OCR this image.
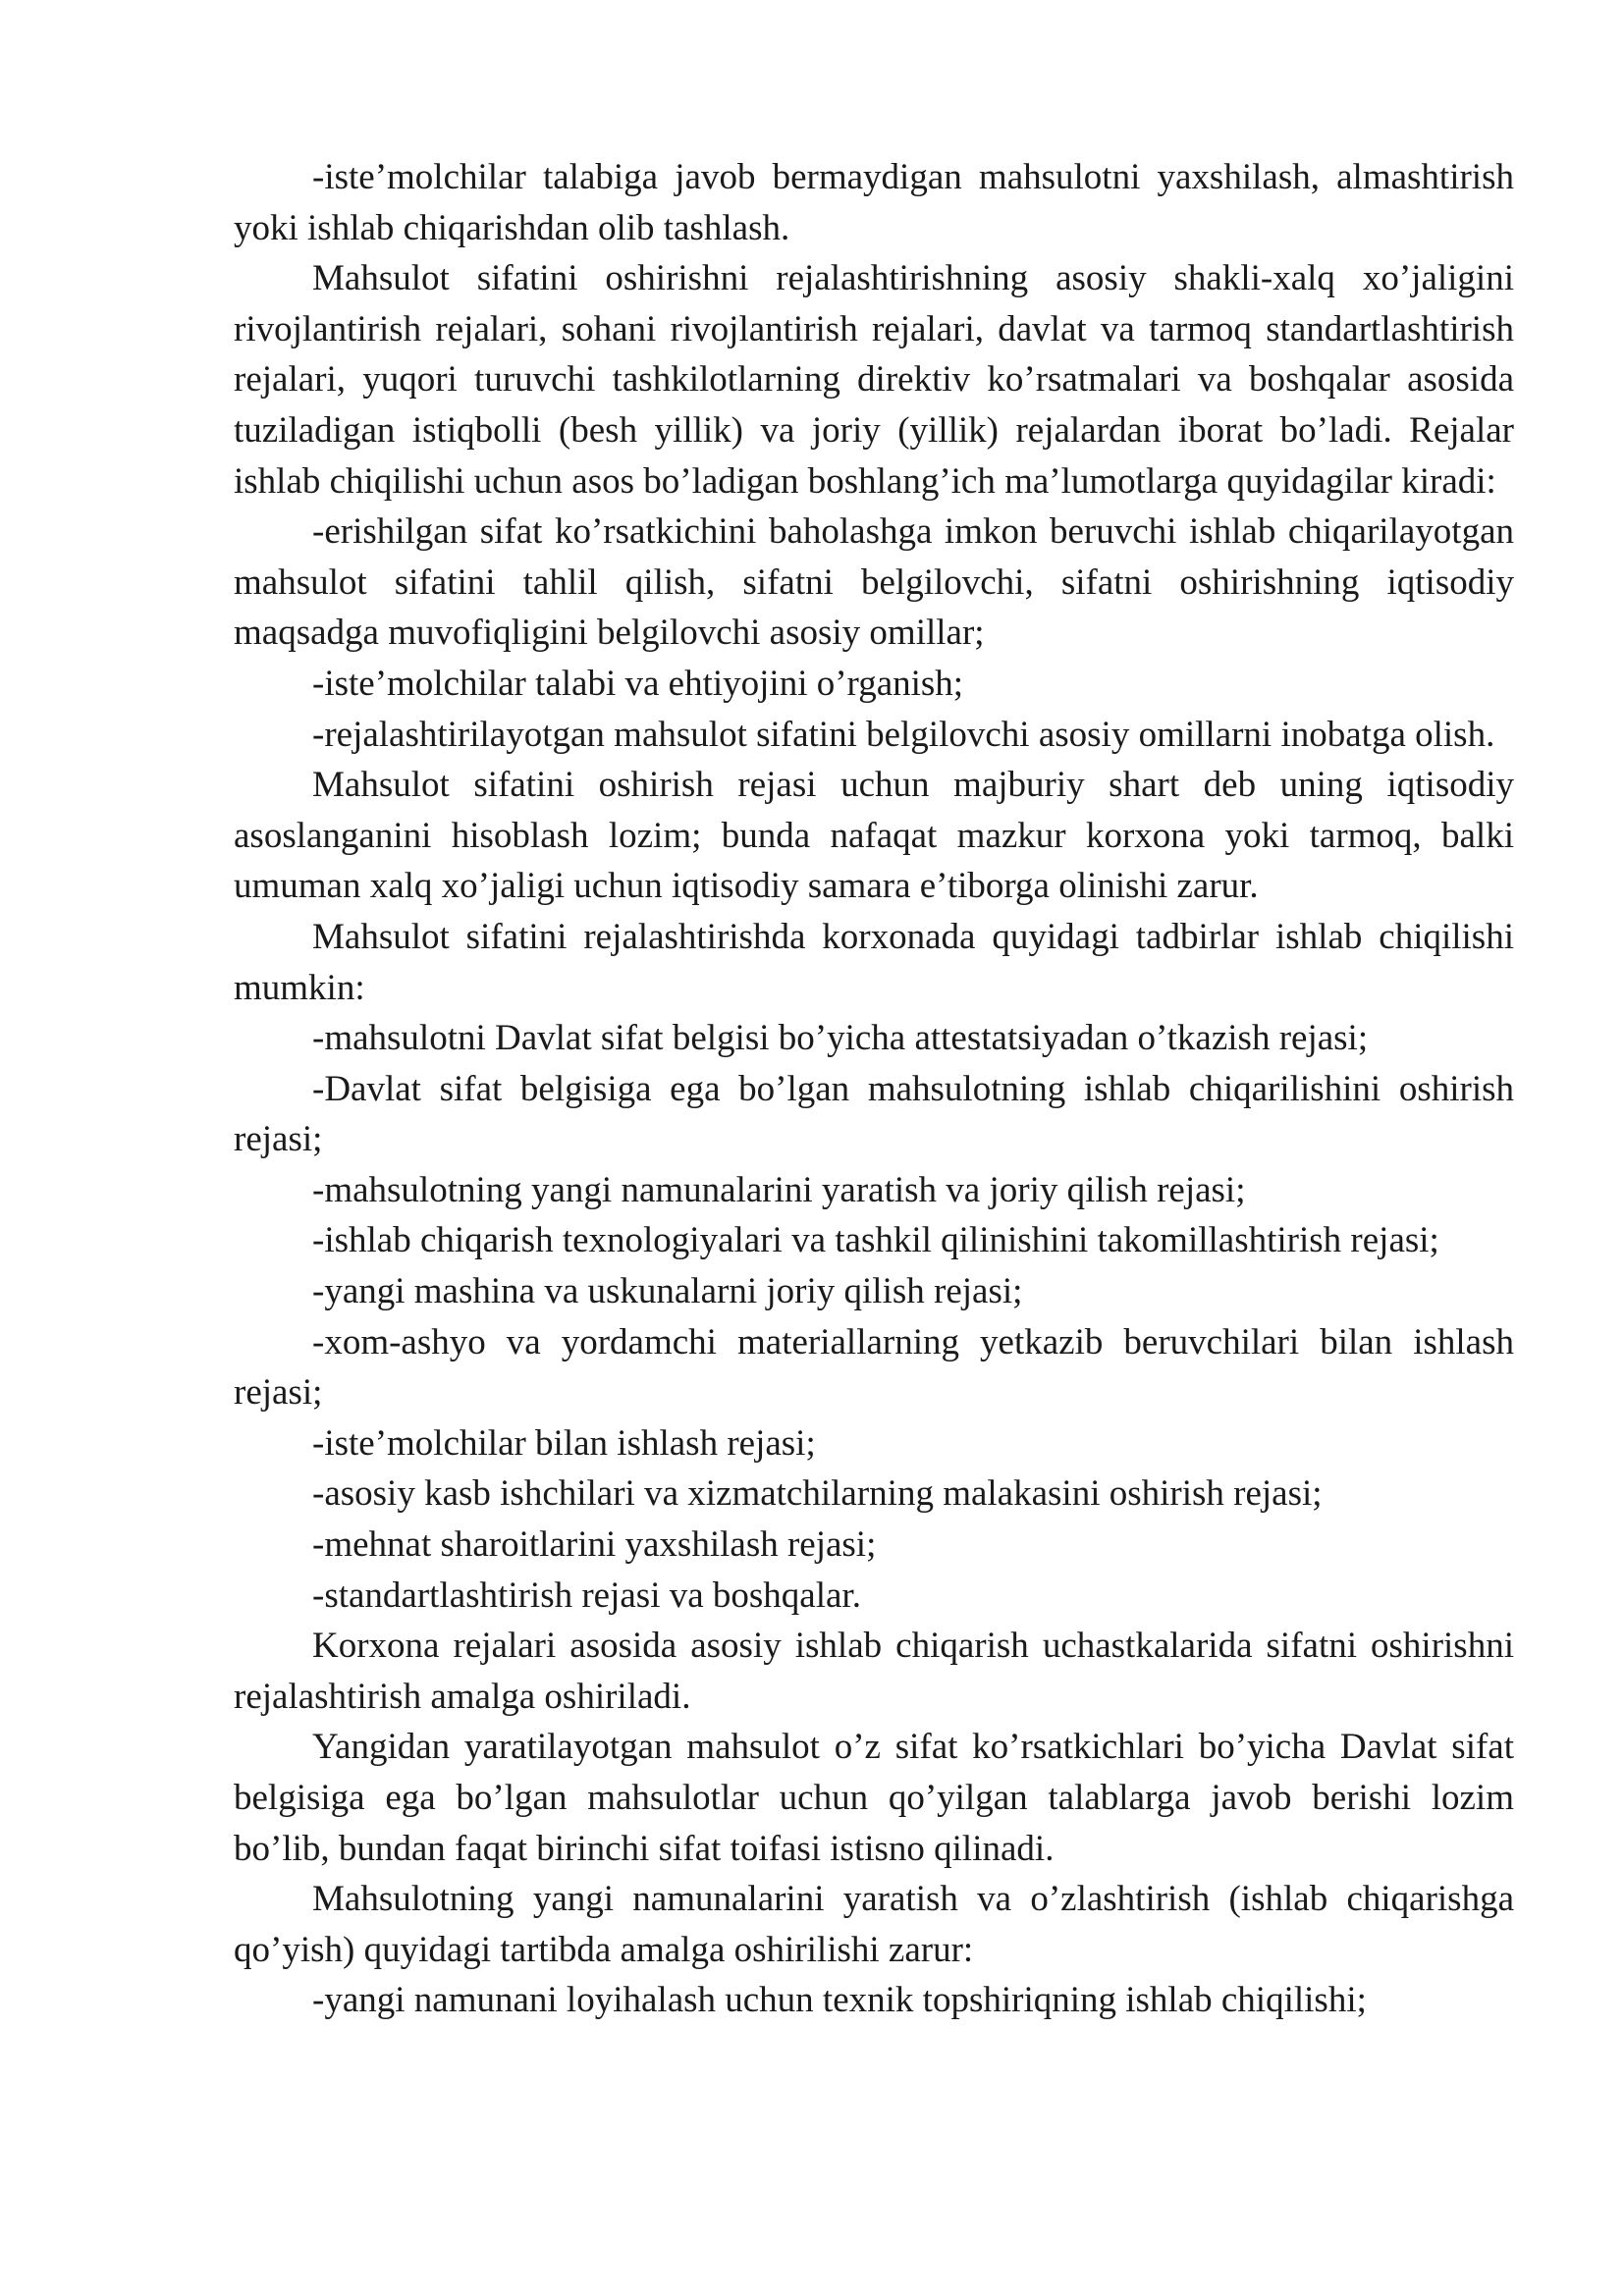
-iste’molchilar talabiga javob bermaydigan mahsulotni yaxshilash, almashtirish yoki ishlab chiqarishdan olib tashlash.

Mahsulot sifatini oshirishni rejalashtirishning asosiy shakli-xalq xo’jaligini rivojlantirish rejalari, sohani rivojlantirish rejalari, davlat va tarmoq standartlashtirish rejalari, yuqori turuvchi tashkilotlarning direktiv ko’rsatmalari va boshqalar asosida tuziladigan istiqbolli (besh yillik) va joriy (yillik) rejalardan iborat bo’ladi. Rejalar ishlab chiqilishi uchun asos bo’ladigan boshlang’ich ma’lumotlarga quyidagilar kiradi:

-erishilgan sifat ko’rsatkichini baholashga imkon beruvchi ishlab chiqarilayotgan mahsulot sifatini tahlil qilish, sifatni belgilovchi, sifatni oshirishning iqtisodiy maqsadga muvofiqligini belgilovchi asosiy omillar;

-iste’molchilar talabi va ehtiyojini o’rganish;

-rejalashtirilayotgan mahsulot sifatini belgilovchi asosiy omillarni inobatga olish.

Mahsulot sifatini oshirish rejasi uchun majburiy shart deb uning iqtisodiy asoslanganini hisoblash lozim; bunda nafaqat mazkur korxona yoki tarmoq, balki umuman xalq xo’jaligi uchun iqtisodiy samara e’tiborga olinishi zarur.

Mahsulot sifatini rejalashtirishda korxonada quyidagi tadbirlar ishlab chiqilishi mumkin:

-mahsulotni Davlat sifat belgisi bo’yicha attestatsiyadan o’tkazish rejasi;

-Davlat sifat belgisiga ega bo’lgan mahsulotning ishlab chiqarilishini oshirish rejasi;

-mahsulotning yangi namunalarini yaratish va joriy qilish rejasi;

-ishlab chiqarish texnologiyalari va tashkil qilinishini takomillashtirish rejasi;

-yangi mashina va uskunalarni joriy qilish rejasi;

-xom-ashyo va yordamchi materiallarning yetkazib beruvchilari bilan ishlash rejasi;

-iste’molchilar bilan ishlash rejasi;

-asosiy kasb ishchilari va xizmatchilarning malakasini oshirish rejasi;

-mehnat sharoitlarini yaxshilash rejasi;

-standartlashtirish rejasi va boshqalar.

Korxona rejalari asosida asosiy ishlab chiqarish uchastkalarida sifatni oshirishni rejalashtirish amalga oshiriladi.

Yangidan yaratilayotgan mahsulot o’z sifat ko’rsatkichlari bo’yicha Davlat sifat belgisiga ega bo’lgan mahsulotlar uchun qo’yilgan talablarga javob berishi lozim bo’lib, bundan faqat birinchi sifat toifasi istisno qilinadi.

Mahsulotning yangi namunalarini yaratish va o’zlashtirish (ishlab chiqarishga qo’yish) quyidagi tartibda amalga oshirilishi zarur:

-yangi namunani loyihalash uchun texnik topshiriqning ishlab chiqilishi;
